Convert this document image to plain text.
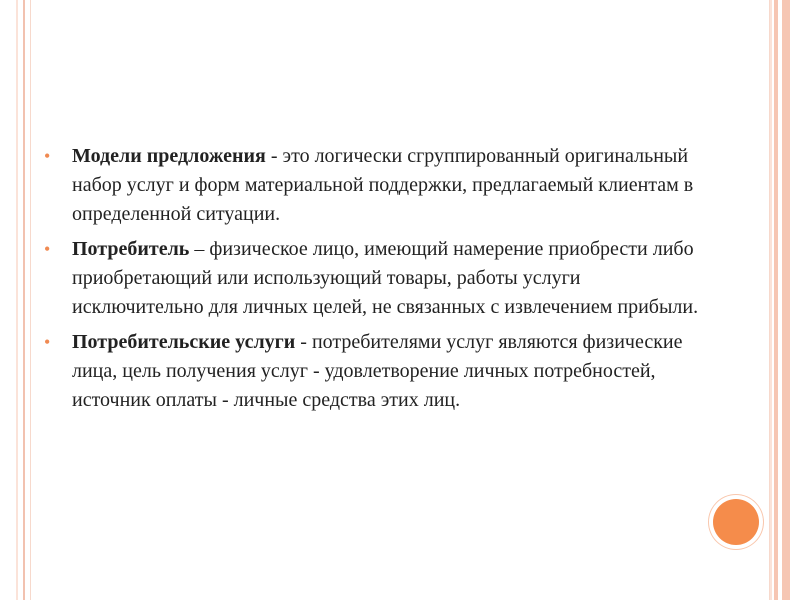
• Модели предложения - это логически сгруппированный оригинальный набор услуг и форм материальной поддержки, предлагаемый клиентам в определенной ситуации.
• Потребитель – физическое лицо, имеющий намерение приобрести либо приобретающий или использующий товары, работы услуги исключительно для личных целей, не связанных с извлечением прибыли.
• Потребительские услуги - потребителями услуг являются физические лица, цель получения услуг - удовлетворение личных потребностей, источник оплаты - личные средства этих лиц.
